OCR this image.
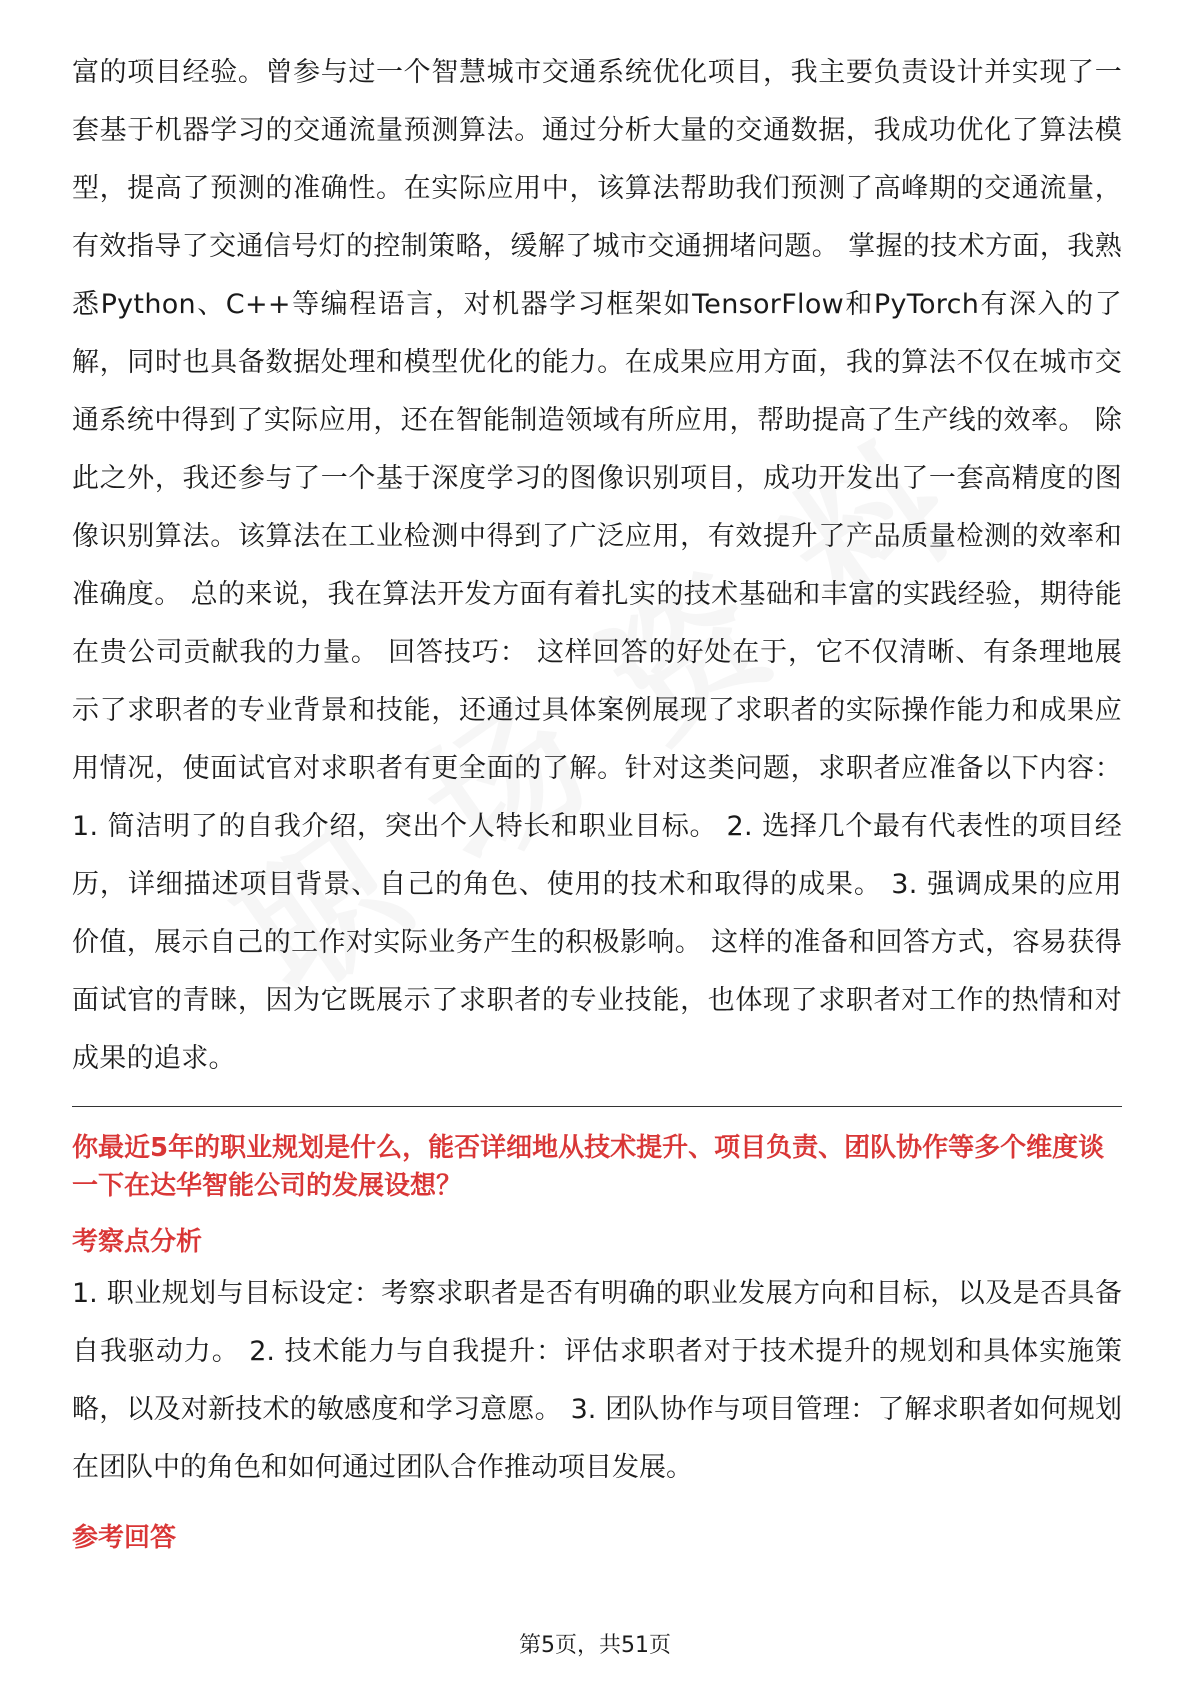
富的项目经验。曾参与过一个智慧城市交通系统优化项目，我主要负责设计并实现了一套基于机器学习的交通流量预测算法。通过分析大量的交通数据，我成功优化了算法模型，提高了预测的准确性。在实际应用中，该算法帮助我们预测了高峰期的交通流量，有效指导了交通信号灯的控制策略，缓解了城市交通拥堵问题。 掌握的技术方面，我熟悉Python、C++等编程语言，对机器学习框架如TensorFlow和PyTorch有深入的了解，同时也具备数据处理和模型优化的能力。在成果应用方面，我的算法不仅在城市交通系统中得到了实际应用，还在智能制造领域有所应用，帮助提高了生产线的效率。 除此之外，我还参与了一个基于深度学习的图像识别项目，成功开发出了一套高精度的图像识别算法。该算法在工业检测中得到了广泛应用，有效提升了产品质量检测的效率和准确度。 总的来说，我在算法开发方面有着扎实的技术基础和丰富的实践经验，期待能在贵公司贡献我的力量。 回答技巧： 这样回答的好处在于，它不仅清晰、有条理地展示了求职者的专业背景和技能，还通过具体案例展现了求职者的实际操作能力和成果应用情况，使面试官对求职者有更全面的了解。针对这类问题，求职者应准备以下内容： 1. 简洁明了的自我介绍，突出个人特长和职业目标。 2. 选择几个最有代表性的项目经历，详细描述项目背景、自己的角色、使用的技术和取得的成果。 3. 强调成果的应用价值，展示自己的工作对实际业务产生的积极影响。 这样的准备和回答方式，容易获得面试官的青睐，因为它既展示了求职者的专业技能，也体现了求职者对工作的热情和对成果的追求。

你最近5年的职业规划是什么，能否详细地从技术提升、项目负责、团队协作等多个维度谈一下在达华智能公司的发展设想？

考察点分析

1. 职业规划与目标设定：考察求职者是否有明确的职业发展方向和目标，以及是否具备自我驱动力。 2. 技术能力与自我提升：评估求职者对于技术提升的规划和具体实施策略，以及对新技术的敏感度和学习意愿。 3. 团队协作与项目管理：了解求职者如何规划在团队中的角色和如何通过团队合作推动项目发展。

参考回答

第5页，共51页
